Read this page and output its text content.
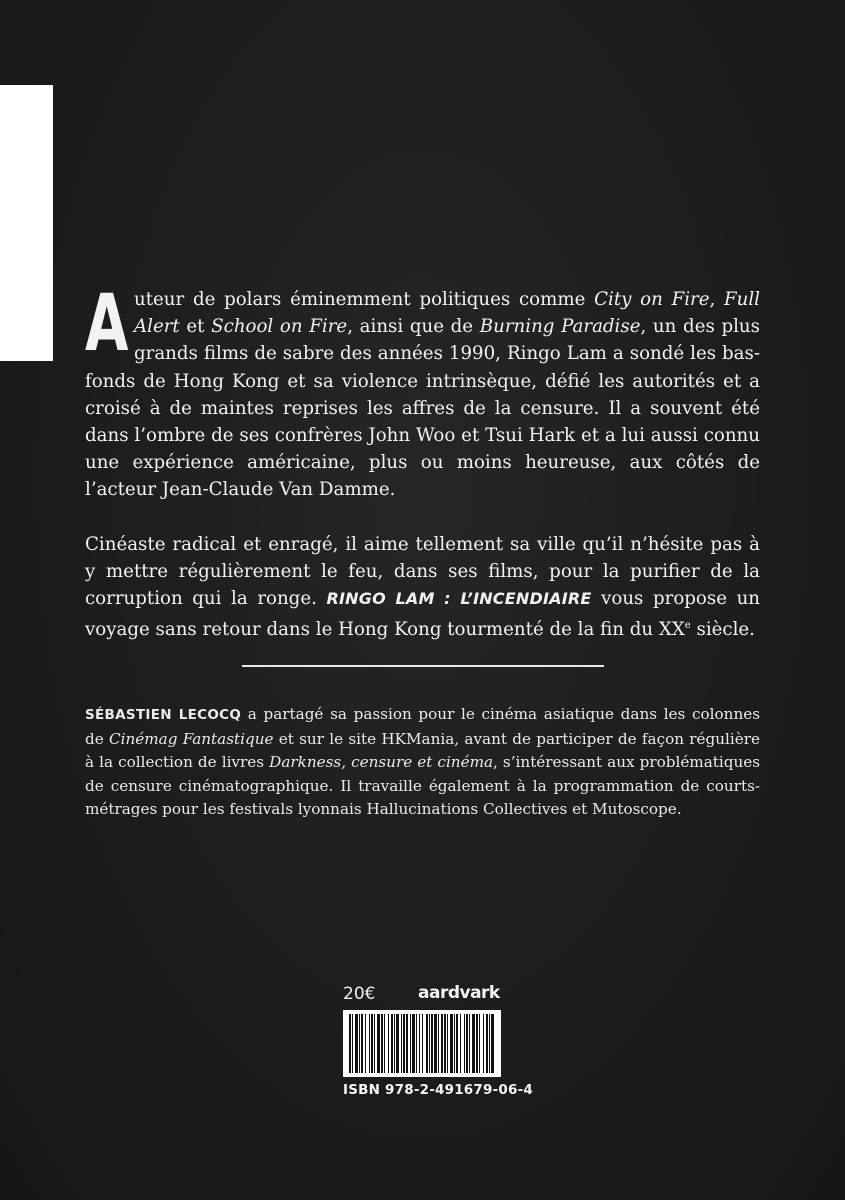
Auteur de polars éminemment politiques comme City on Fire, Full Alert et School on Fire, ainsi que de Burning Paradise, un des plus grands films de sabre des années 1990, Ringo Lam a sondé les bas-fonds de Hong Kong et sa violence intrinsèque, défié les autorités et a croisé à de maintes reprises les affres de la censure. Il a souvent été dans l’ombre de ses confrères John Woo et Tsui Hark et a lui aussi connu une expérience américaine, plus ou moins heureuse, aux côtés de l’acteur Jean-Claude Van Damme.

Cinéaste radical et enragé, il aime tellement sa ville qu’il n’hésite pas à y mettre régulièrement le feu, dans ses films, pour la purifier de la corruption qui la ronge. RINGO LAM : L’INCENDIAIRE vous propose un voyage sans retour dans le Hong Kong tourmenté de la fin du XXe siècle.

SÉBASTIEN LECOCQ a partagé sa passion pour le cinéma asiatique dans les colonnes de Cinémag Fantastique et sur le site HKMania, avant de participer de façon régulière à la collection de livres Darkness, censure et cinéma, s’intéressant aux problématiques de censure cinématographique. Il travaille également à la programmation de courts-métrages pour les festivals lyonnais Hallucinations Collectives et Mutoscope.
20€	aardvark
ISBN 978-2-491679-06-4
